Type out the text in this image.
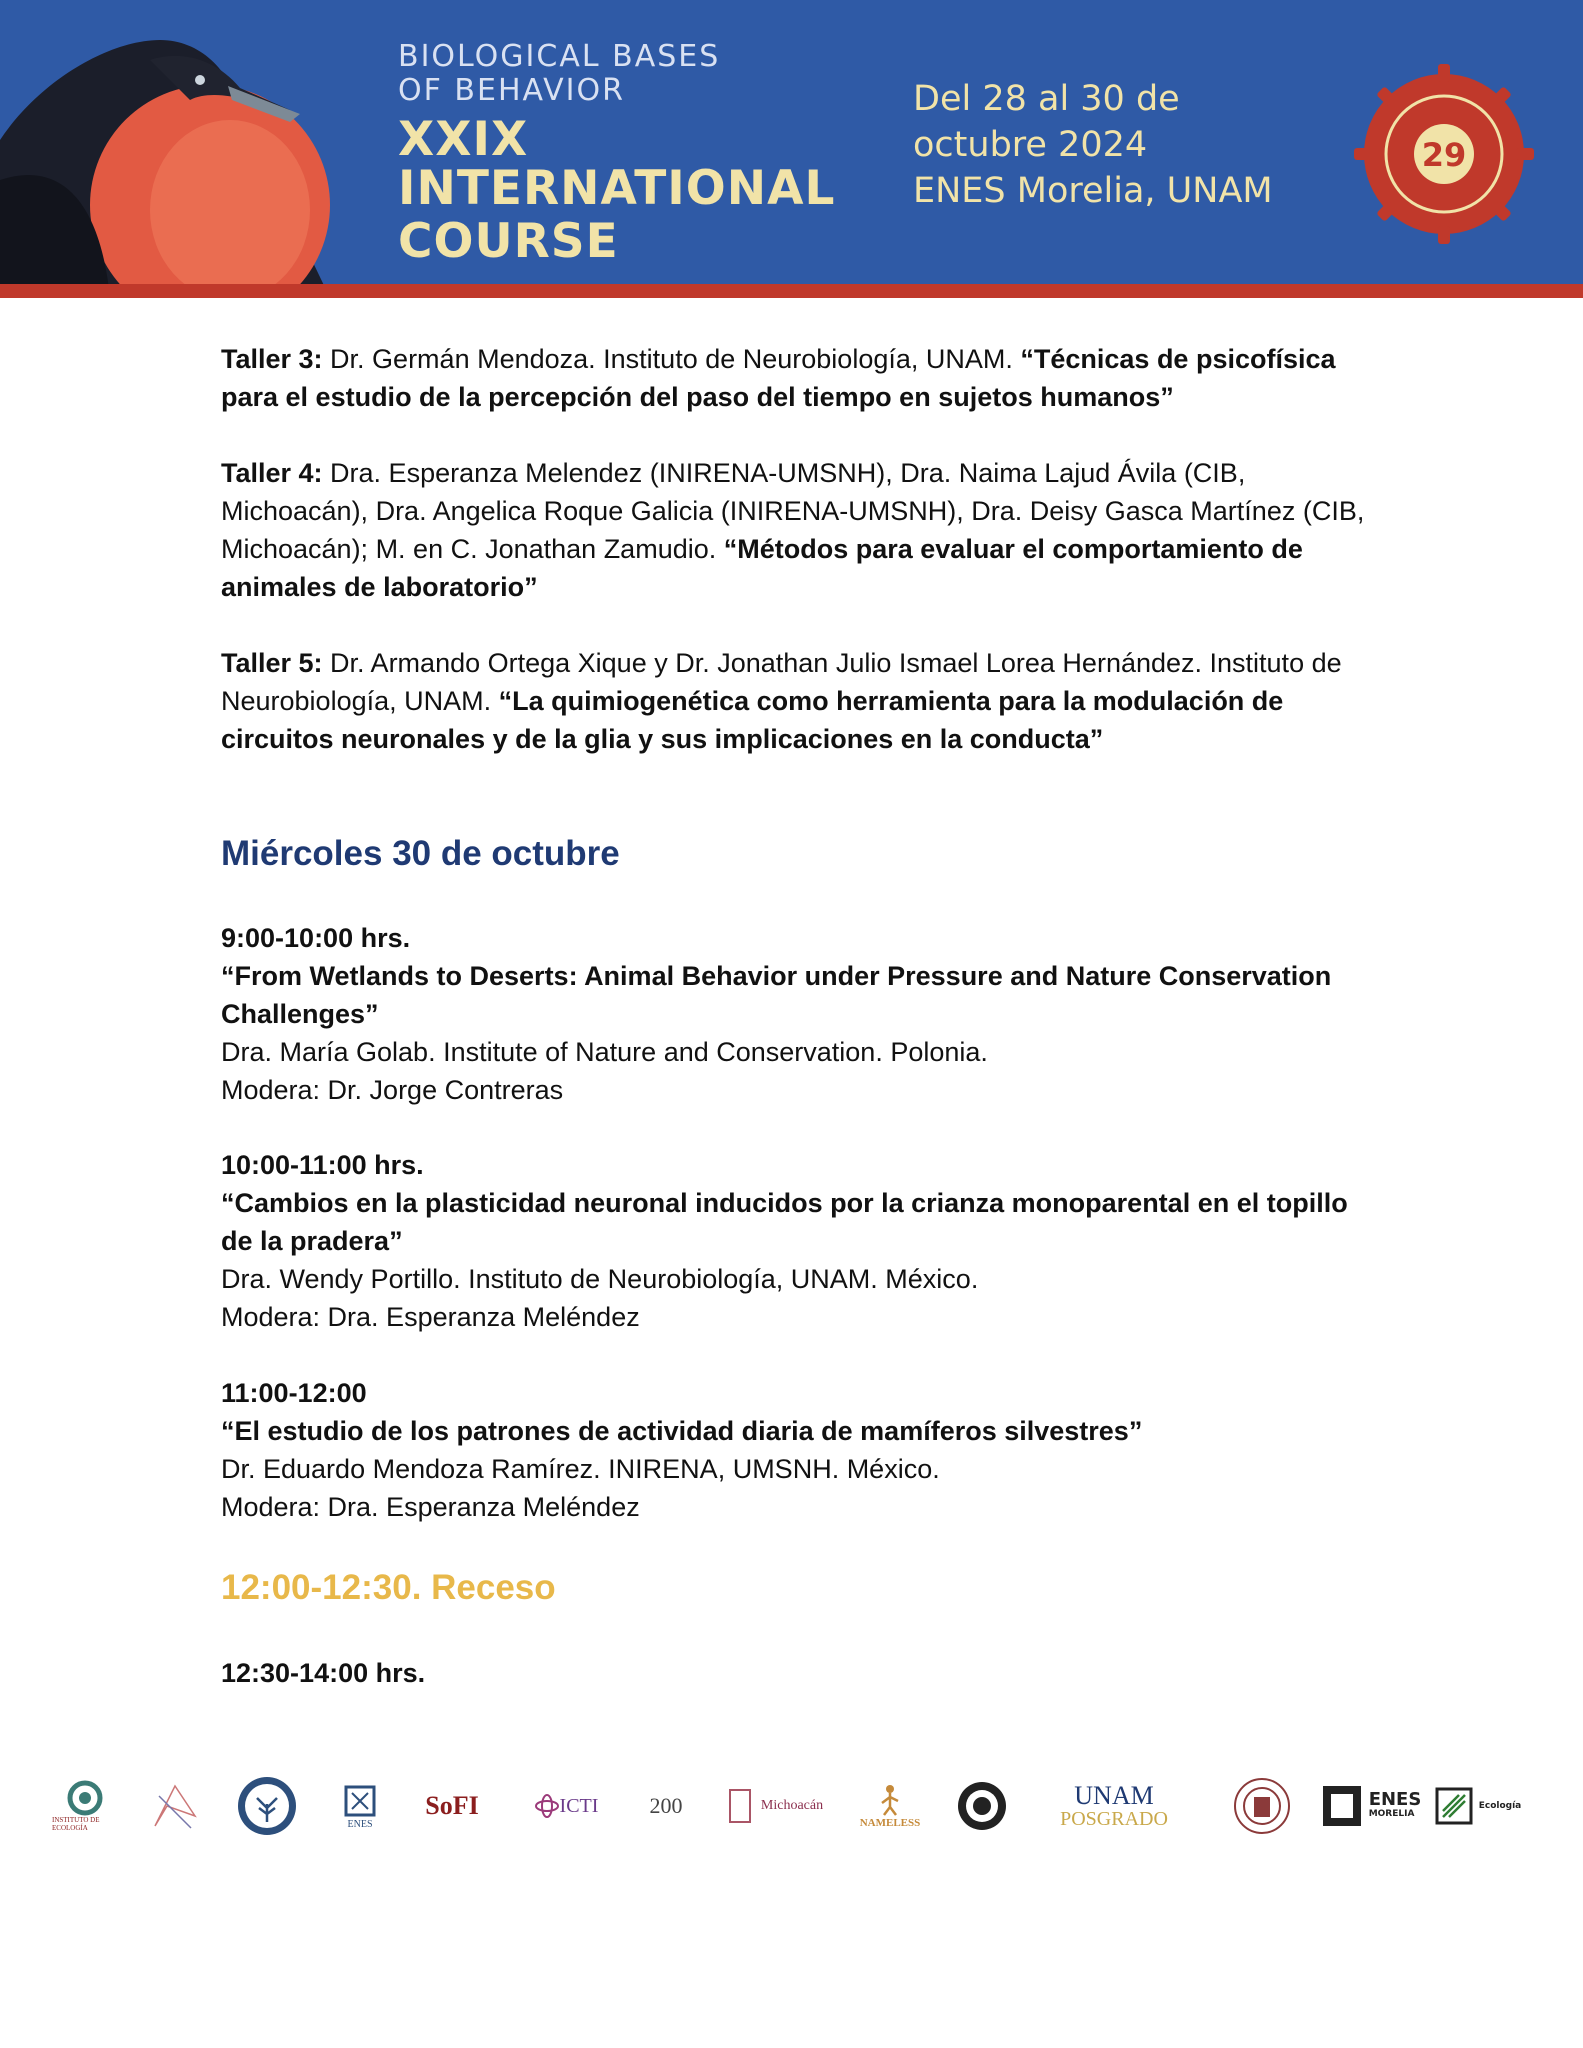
BIOLOGICAL BASES
OF BEHAVIOR
XXIX
INTERNATIONAL
COURSE
Del 28 al 30 de
octubre 2024
ENES Morelia, UNAM
29

Taller 3: Dr. Germán Mendoza. Instituto de Neurobiología, UNAM. “Técnicas de psicofísica para el estudio de la percepción del paso del tiempo en sujetos humanos”

Taller 4: Dra. Esperanza Melendez (INIRENA-UMSNH), Dra. Naima Lajud Ávila (CIB, Michoacán), Dra. Angelica Roque Galicia (INIRENA-UMSNH), Dra. Deisy Gasca Martínez (CIB, Michoacán); M. en C. Jonathan Zamudio. “Métodos para evaluar el comportamiento de animales de laboratorio”

Taller 5: Dr. Armando Ortega Xique y Dr. Jonathan Julio Ismael Lorea Hernández. Instituto de Neurobiología, UNAM. “La quimiogenética como herramienta para la modulación de circuitos neuronales y de la glia y sus implicaciones en la conducta”

Miércoles 30 de octubre

9:00-10:00 hrs.
“From Wetlands to Deserts: Animal Behavior under Pressure and Nature Conservation Challenges”
Dra. María Golab. Institute of Nature and Conservation. Polonia.
Modera: Dr. Jorge Contreras

10:00-11:00 hrs.
“Cambios en la plasticidad neuronal inducidos por la crianza monoparental en el topillo de la pradera”
Dra. Wendy Portillo. Instituto de Neurobiología, UNAM. México.
Modera: Dra. Esperanza Meléndez

11:00-12:00
“El estudio de los patrones de actividad diaria de mamíferos silvestres”
Dr. Eduardo Mendoza Ramírez. INIRENA, UMSNH. México.
Modera: Dra. Esperanza Meléndez

12:00-12:30. Receso

12:30-14:00 hrs.

INSTITUTO DE ECOLOGÍA	ENES
SoFI	ICTI 200	Michoacán
NAMELESS
UNAM
POSGRADO
ENES
MORELIA
Ecología
